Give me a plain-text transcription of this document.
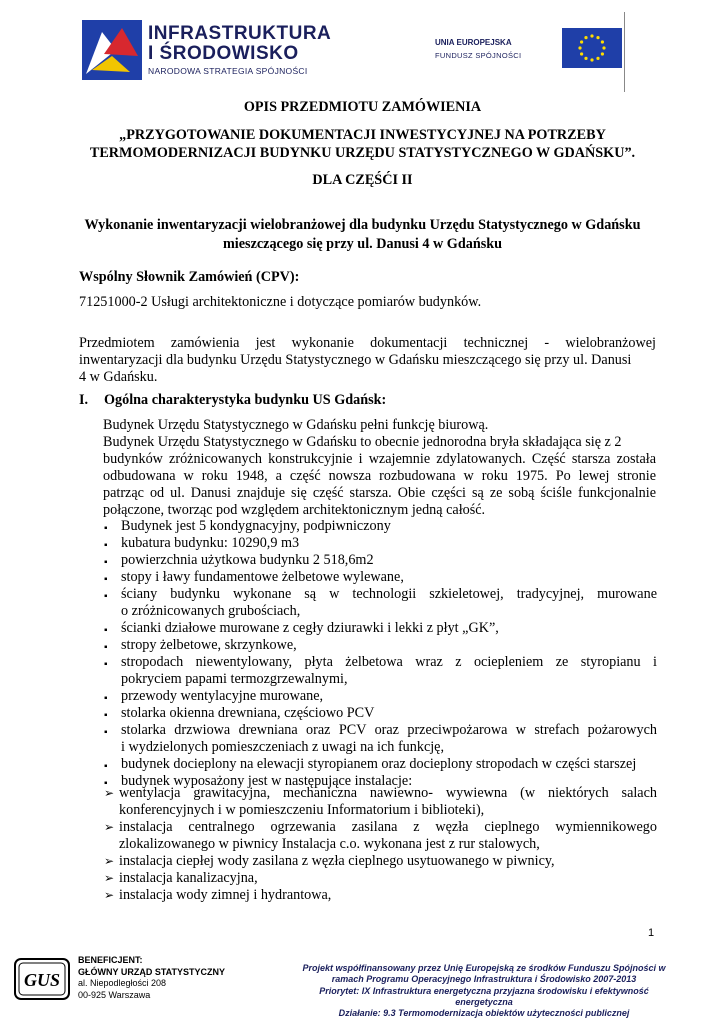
INFRASTRUKTURA
I ŚRODOWISKO
NARODOWA STRATEGIA SPÓJNOŚCI
UNIA EUROPEJSKA
FUNDUSZ SPÓJNOŚCI
OPIS PRZEDMIOTU ZAMÓWIENIA
„PRZYGOTOWANIE DOKUMENTACJI INWESTYCYJNEJ NA POTRZEBY
TERMOMODERNIZACJI BUDYNKU URZĘDU STATYSTYCZNEGO W GDAŃSKU”.
DLA CZĘŚĆI II
Wykonanie inwentaryzacji wielobranżowej dla budynku Urzędu Statystycznego w Gdańsku
mieszczącego się przy ul. Danusi 4 w Gdańsku
Wspólny Słownik Zamówień (CPV):
71251000-2 Usługi architektoniczne i dotyczące pomiarów budynków.
Przedmiotem zamówienia jest wykonanie dokumentacji technicznej - wielobranżowej
inwentaryzacji dla budynku Urzędu Statystycznego w Gdańsku mieszczącego się przy ul. Danusi
4 w Gdańsku.
I. Ogólna charakterystyka budynku US Gdańsk:
Budynek Urzędu Statystycznego w Gdańsku pełni funkcję biurową.
Budynek Urzędu Statystycznego w Gdańsku to obecnie jednorodna bryła składająca się z 2
budynków zróżnicowanych konstrukcyjnie i wzajemnie zdylatowanych. Część starsza została
odbudowana w roku 1948, a część nowsza rozbudowana w roku 1975. Po lewej stronie
patrząc od ul. Danusi znajduje się część starsza. Obie części są ze sobą ściśle funkcjonalnie
połączone, tworząc pod względem architektonicznym jedną całość.
▪ Budynek jest 5 kondygnacyjny, podpiwniczony
▪ kubatura budynku: 10290,9 m3
▪ powierzchnia użytkowa budynku 2 518,6m2
▪ stopy i ławy fundamentowe żelbetowe wylewane,
▪ ściany budynku wykonane są w technologii szkieletowej, tradycyjnej, murowane
o zróżnicowanych grubościach,
▪ ścianki działowe murowane z cegły dziurawki i lekki z płyt „GK”,
▪ stropy żelbetowe, skrzynkowe,
▪ stropodach niewentylowany, płyta żelbetowa wraz z ociepleniem ze styropianu i
pokryciem papami termozgrzewalnymi,
▪ przewody wentylacyjne murowane,
▪ stolarka okienna drewniana, częściowo PCV
▪ stolarka drzwiowa drewniana oraz PCV oraz przeciwpożarowa w strefach pożarowych
i wydzielonych pomieszczeniach z uwagi na ich funkcję,
▪ budynek docieplony na elewacji styropianem oraz docieplony stropodach w części starszej
▪ budynek wyposażony jest w następujące instalacje:
➢ wentylacja grawitacyjna, mechaniczna nawiewno- wywiewna (w niektórych salach
konferencyjnych i w pomieszczeniu Informatorium i biblioteki),
➢ instalacja centralnego ogrzewania zasilana z węzła cieplnego wymiennikowego
zlokalizowanego w piwnicy Instalacja c.o. wykonana jest z rur stalowych,
➢ instalacja ciepłej wody zasilana z węzła cieplnego usytuowanego w piwnicy,
➢ instalacja kanalizacyjna,
➢ instalacja wody zimnej i hydrantowa,
1
GUS
BENEFICJENT:
GŁÓWNY URZĄD STATYSTYCZNY
al. Niepodległości 208
00-925 Warszawa
Projekt współfinansowany przez Unię Europejską ze środków Funduszu Spójności w
ramach Programu Operacyjnego Infrastruktura i Środowisko 2007-2013
Priorytet: IX Infrastruktura energetyczna przyjazna środowisku i efektywność
energetyczna
Działanie: 9.3 Termomodernizacja obiektów użyteczności publicznej
